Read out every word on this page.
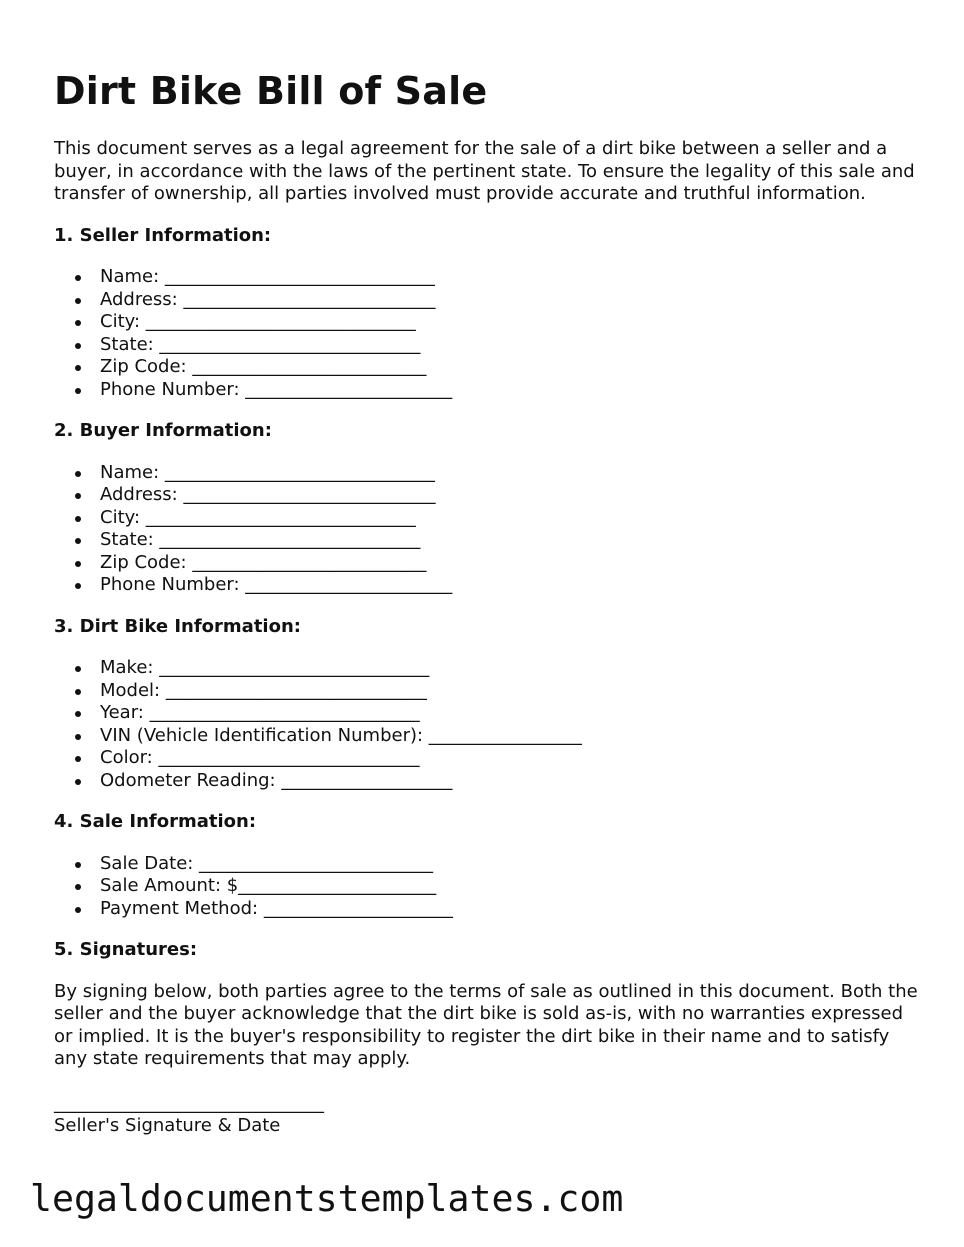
Dirt Bike Bill of Sale

This document serves as a legal agreement for the sale of a dirt bike between a seller and a buyer, in accordance with the laws of the pertinent state. To ensure the legality of this sale and transfer of ownership, all parties involved must provide accurate and truthful information.

1. Seller Information:
Name: ______________________________
Address: ____________________________
City: ______________________________
State: _____________________________
Zip Code: __________________________
Phone Number: _______________________
2. Buyer Information:
Name: ______________________________
Address: ____________________________
City: ______________________________
State: _____________________________
Zip Code: __________________________
Phone Number: _______________________
3. Dirt Bike Information:
Make: ______________________________
Model: _____________________________
Year: ______________________________
VIN (Vehicle Identification Number): _________________
Color: _____________________________
Odometer Reading: ___________________
4. Sale Information:
Sale Date: __________________________
Sale Amount: $______________________
Payment Method: _____________________
5. Signatures:

By signing below, both parties agree to the terms of sale as outlined in this document. Both the seller and the buyer acknowledge that the dirt bike is sold as-is, with no warranties expressed or implied. It is the buyer's responsibility to register the dirt bike in their name and to satisfy any state requirements that may apply.

______________________________
Seller's Signature & Date
legaldocumentstemplates.com
